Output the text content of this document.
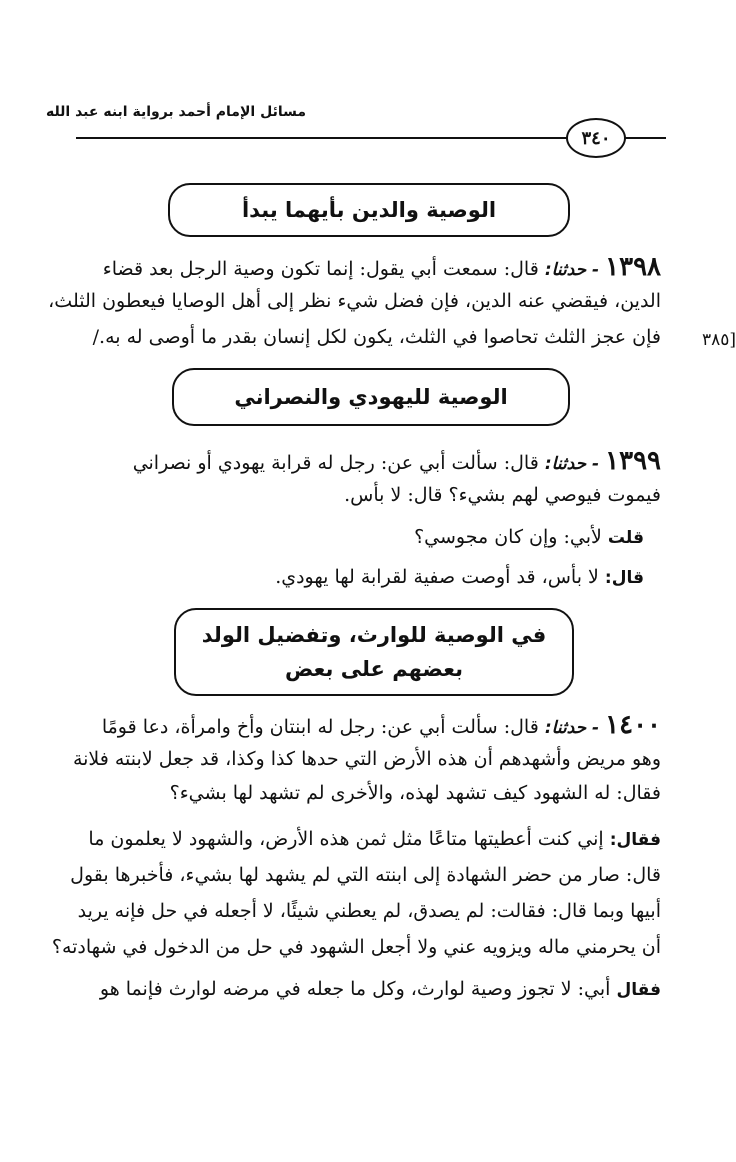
مسائل الإمام أحمد برواية ابنه عبد الله
٣٤٠
الوصية والدين بأيهما يبدأ
١٣٩٨ - حدثنا: قال: سمعت أبي يقول: إنما تكون وصية الرجل بعد قضاء
الدين، فيقضي عنه الدين، فإن فضل شيء نظر إلى أهل الوصايا فيعطون الثلث،
فإن عجز الثلث تحاصوا في الثلث، يكون لكل إنسان بقدر ما أوصى له به./	[٣٨٥
الوصية لليهودي والنصراني
١٣٩٩ - حدثنا: قال: سألت أبي عن: رجل له قرابة يهودي أو نصراني
فيموت فيوصي لهم بشيء؟ قال: لا بأس.
قلت لأبي: وإن كان مجوسي؟
قال: لا بأس، قد أوصت صفية لقرابة لها يهودي.
في الوصية للوارث، وتفضيل الولد
بعضهم على بعض
١٤٠٠ - حدثنا: قال: سألت أبي عن: رجل له ابنتان وأخ وامرأة، دعا قومًا
وهو مريض وأشهدهم أن هذه الأرض التي حدها كذا وكذا، قد جعل لابنته فلانة
فقال: له الشهود كيف تشهد لهذه، والأخرى لم تشهد لها بشيء؟
فقال: إني كنت أعطيتها متاعًا مثل ثمن هذه الأرض، والشهود لا يعلمون ما
قال: صار من حضر الشهادة إلى ابنته التي لم يشهد لها بشيء، فأخبرها بقول
أبيها وبما قال: فقالت: لم يصدق، لم يعطني شيئًا، لا أجعله في حل فإنه يريد
أن يحرمني ماله ويزويه عني ولا أجعل الشهود في حل من الدخول في شهادته؟
فقال أبي: لا تجوز وصية لوارث، وكل ما جعله في مرضه لوارث فإنما هو
